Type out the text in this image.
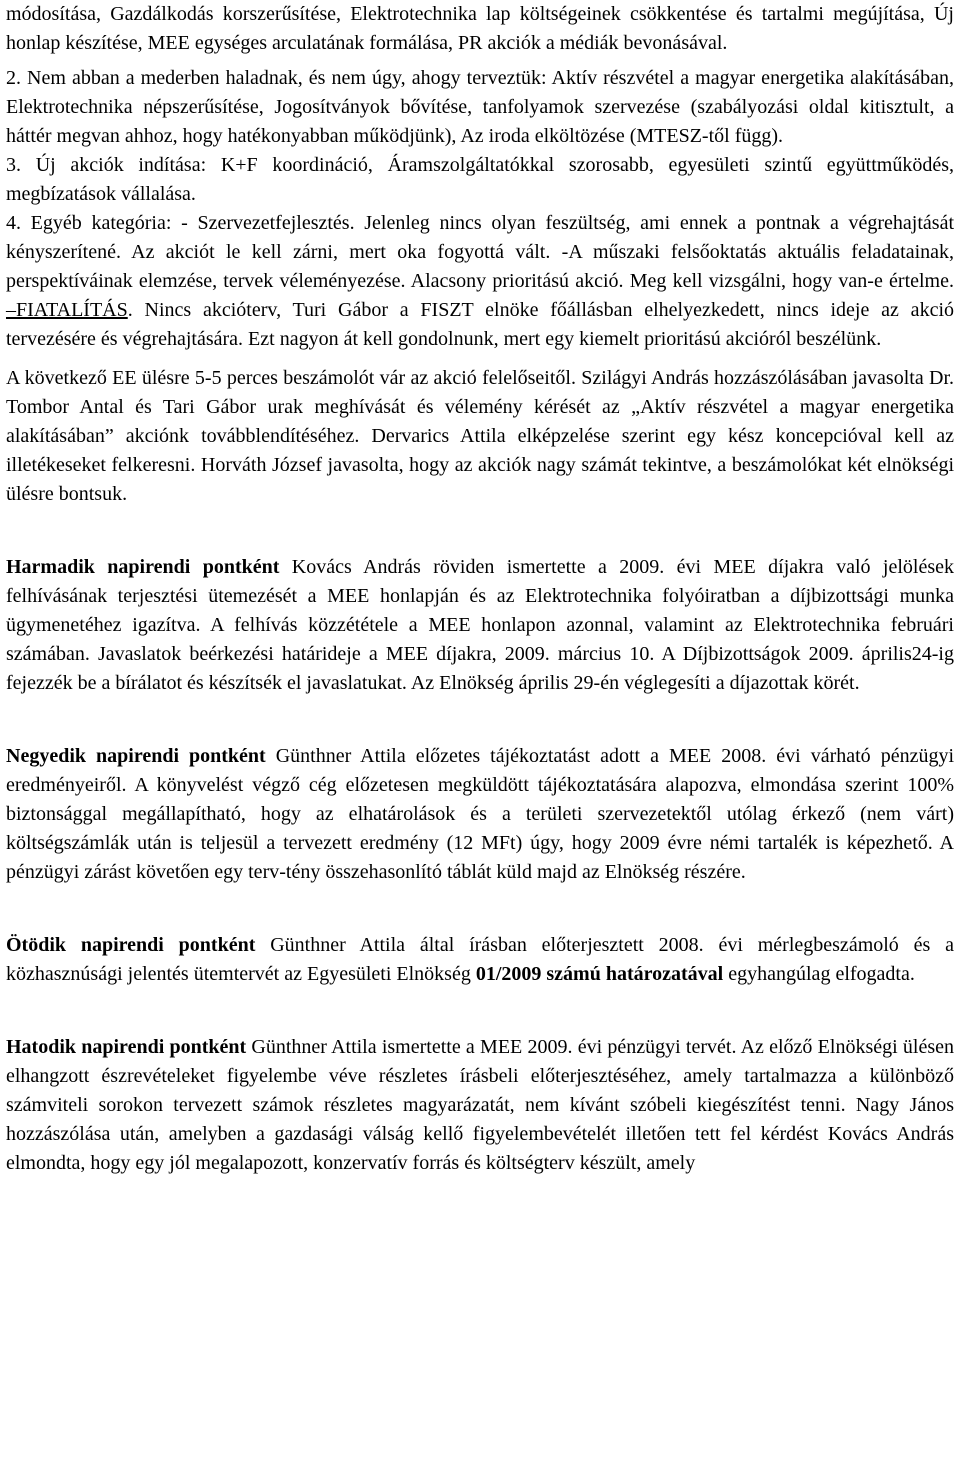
módosítása, Gazdálkodás korszerűsítése, Elektrotechnika lap költségeinek csökkentése és tartalmi megújítása, Új honlap készítése, MEE egységes arculatának formálása, PR akciók a médiák bevonásával.

2. Nem abban a mederben haladnak, és nem úgy, ahogy terveztük: Aktív részvétel a magyar energetika alakításában, Elektrotechnika népszerűsítése, Jogosítványok bővítése, tanfolyamok szervezése (szabályozási oldal kitisztult, a háttér megvan ahhoz, hogy hatékonyabban működjünk), Az iroda elköltözése (MTESZ-től függ).

3. Új akciók indítása: K+F koordináció, Áramszolgáltatókkal szorosabb, egyesületi szintű együttműködés, megbízatások vállalása.

4. Egyéb kategória: - Szervezetfejlesztés. Jelenleg nincs olyan feszültség, ami ennek a pontnak a végrehajtását kényszerítené. Az akciót le kell zárni, mert oka fogyottá vált. -A műszaki felsőoktatás aktuális feladatainak, perspektíváinak elemzése, tervek véleményezése. Alacsony prioritású akció. Meg kell vizsgálni, hogy van-e értelme. –FIATALÍTÁS. Nincs akcióterv, Turi Gábor a FISZT elnöke főállásban elhelyezkedett, nincs ideje az akció tervezésére és végrehajtására. Ezt nagyon át kell gondolnunk, mert egy kiemelt prioritású akcióról beszélünk.

A következő EE ülésre 5-5 perces beszámolót vár az akció felelőseitől. Szilágyi András hozzászólásában javasolta Dr. Tombor Antal és Tari Gábor urak meghívását és vélemény kérését az „Aktív részvétel a magyar energetika alakításában” akciónk továbblendítéséhez. Dervarics Attila elképzelése szerint egy kész koncepcióval kell az illetékeseket felkeresni. Horváth József javasolta, hogy az akciók nagy számát tekintve, a beszámolókat két elnökségi ülésre bontsuk.

Harmadik napirendi pontként Kovács András röviden ismertette a 2009. évi MEE díjakra való jelölések felhívásának terjesztési ütemezését a MEE honlapján és az Elektrotechnika folyóiratban a díjbizottsági munka ügymenetéhez igazítva. A felhívás közzététele a MEE honlapon azonnal, valamint az Elektrotechnika februári számában. Javaslatok beérkezési határideje a MEE díjakra, 2009. március 10. A Díjbizottságok 2009. április24-ig fejezzék be a bírálatot és készítsék el javaslatukat. Az Elnökség április 29-én véglegesíti a díjazottak körét.

Negyedik napirendi pontként Günthner Attila előzetes tájékoztatást adott a MEE 2008. évi várható pénzügyi eredményeiről. A könyvelést végző cég előzetesen megküldött tájékoztatására alapozva, elmondása szerint 100% biztonsággal megállapítható, hogy az elhatárolások és a területi szervezetektől utólag érkező (nem várt) költségszámlák után is teljesül a tervezett eredmény (12 MFt) úgy, hogy 2009 évre némi tartalék is képezhető. A pénzügyi zárást követően egy terv-tény összehasonlító táblát küld majd az Elnökség részére.

Ötödik napirendi pontként Günthner Attila által írásban előterjesztett 2008. évi mérlegbeszámoló és a közhasznúsági jelentés ütemtervét az Egyesületi Elnökség 01/2009 számú határozatával egyhangúlag elfogadta.

Hatodik napirendi pontként Günthner Attila ismertette a MEE 2009. évi pénzügyi tervét. Az előző Elnökségi ülésen elhangzott észrevételeket figyelembe véve részletes írásbeli előterjesztéséhez, amely tartalmazza a különböző számviteli sorokon tervezett számok részletes magyarázatát, nem kívánt szóbeli kiegészítést tenni. Nagy János hozzászólása után, amelyben a gazdasági válság kellő figyelembevételét illetően tett fel kérdést Kovács András elmondta, hogy egy jól megalapozott, konzervatív forrás és költségterv készült, amely
